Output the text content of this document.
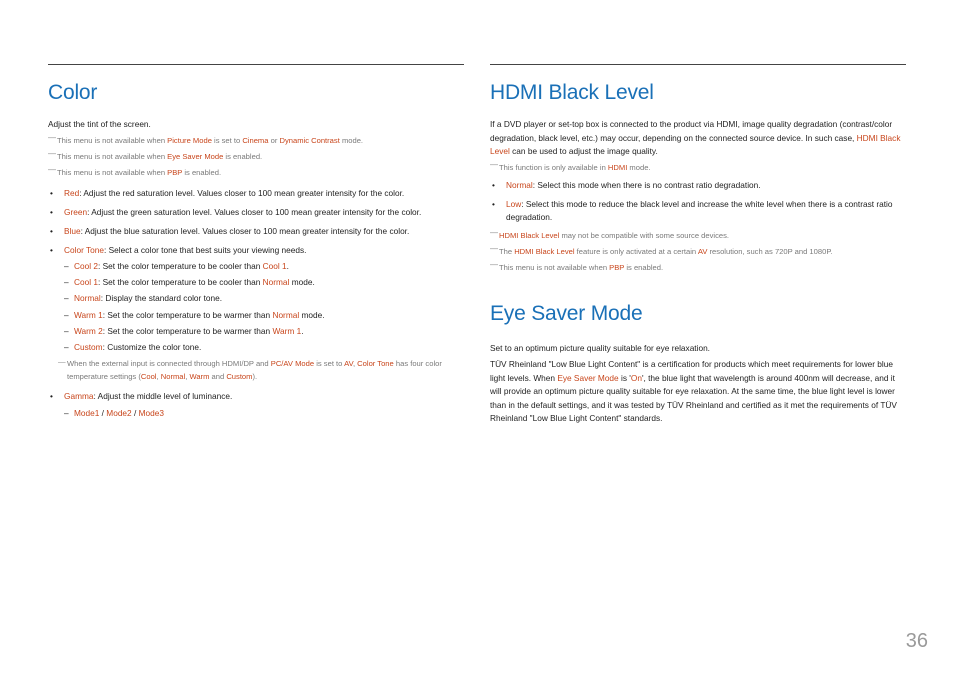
Color

Adjust the tint of the screen.

― This menu is not available when Picture Mode is set to Cinema or Dynamic Contrast mode.

― This menu is not available when Eye Saver Mode is enabled.

― This menu is not available when PBP is enabled.

• Red: Adjust the red saturation level. Values closer to 100 mean greater intensity for the color.

• Green: Adjust the green saturation level. Values closer to 100 mean greater intensity for the color.

• Blue: Adjust the blue saturation level. Values closer to 100 mean greater intensity for the color.

• Color Tone: Select a color tone that best suits your viewing needs.

– Cool 2: Set the color temperature to be cooler than Cool 1.

– Cool 1: Set the color temperature to be cooler than Normal mode.

– Normal: Display the standard color tone.

– Warm 1: Set the color temperature to be warmer than Normal mode.

– Warm 2: Set the color temperature to be warmer than Warm 1.

– Custom: Customize the color tone.

― When the external input is connected through HDMI/DP and PC/AV Mode is set to AV, Color Tone has four color temperature settings (Cool, Normal, Warm and Custom).

• Gamma: Adjust the middle level of luminance.

– Mode1 / Mode2 / Mode3

HDMI Black Level

If a DVD player or set-top box is connected to the product via HDMI, image quality degradation (contrast/color degradation, black level, etc.) may occur, depending on the connected source device. In such case, HDMI Black Level can be used to adjust the image quality.

― This function is only available in HDMI mode.

• Normal: Select this mode when there is no contrast ratio degradation.

• Low: Select this mode to reduce the black level and increase the white level when there is a contrast ratio degradation.

― HDMI Black Level may not be compatible with some source devices.

― The HDMI Black Level feature is only activated at a certain AV resolution, such as 720P and 1080P.

― This menu is not available when PBP is enabled.

Eye Saver Mode

Set to an optimum picture quality suitable for eye relaxation.

TÜV Rheinland "Low Blue Light Content" is a certification for products which meet requirements for lower blue light levels. When Eye Saver Mode is 'On', the blue light that wavelength is around 400nm will decrease, and it will provide an optimum picture quality suitable for eye relaxation. At the same time, the blue light level is lower than in the default settings, and it was tested by TÜV Rheinland and certified as it met the requirements of TÜV Rheinland "Low Blue Light Content" standards.

36
